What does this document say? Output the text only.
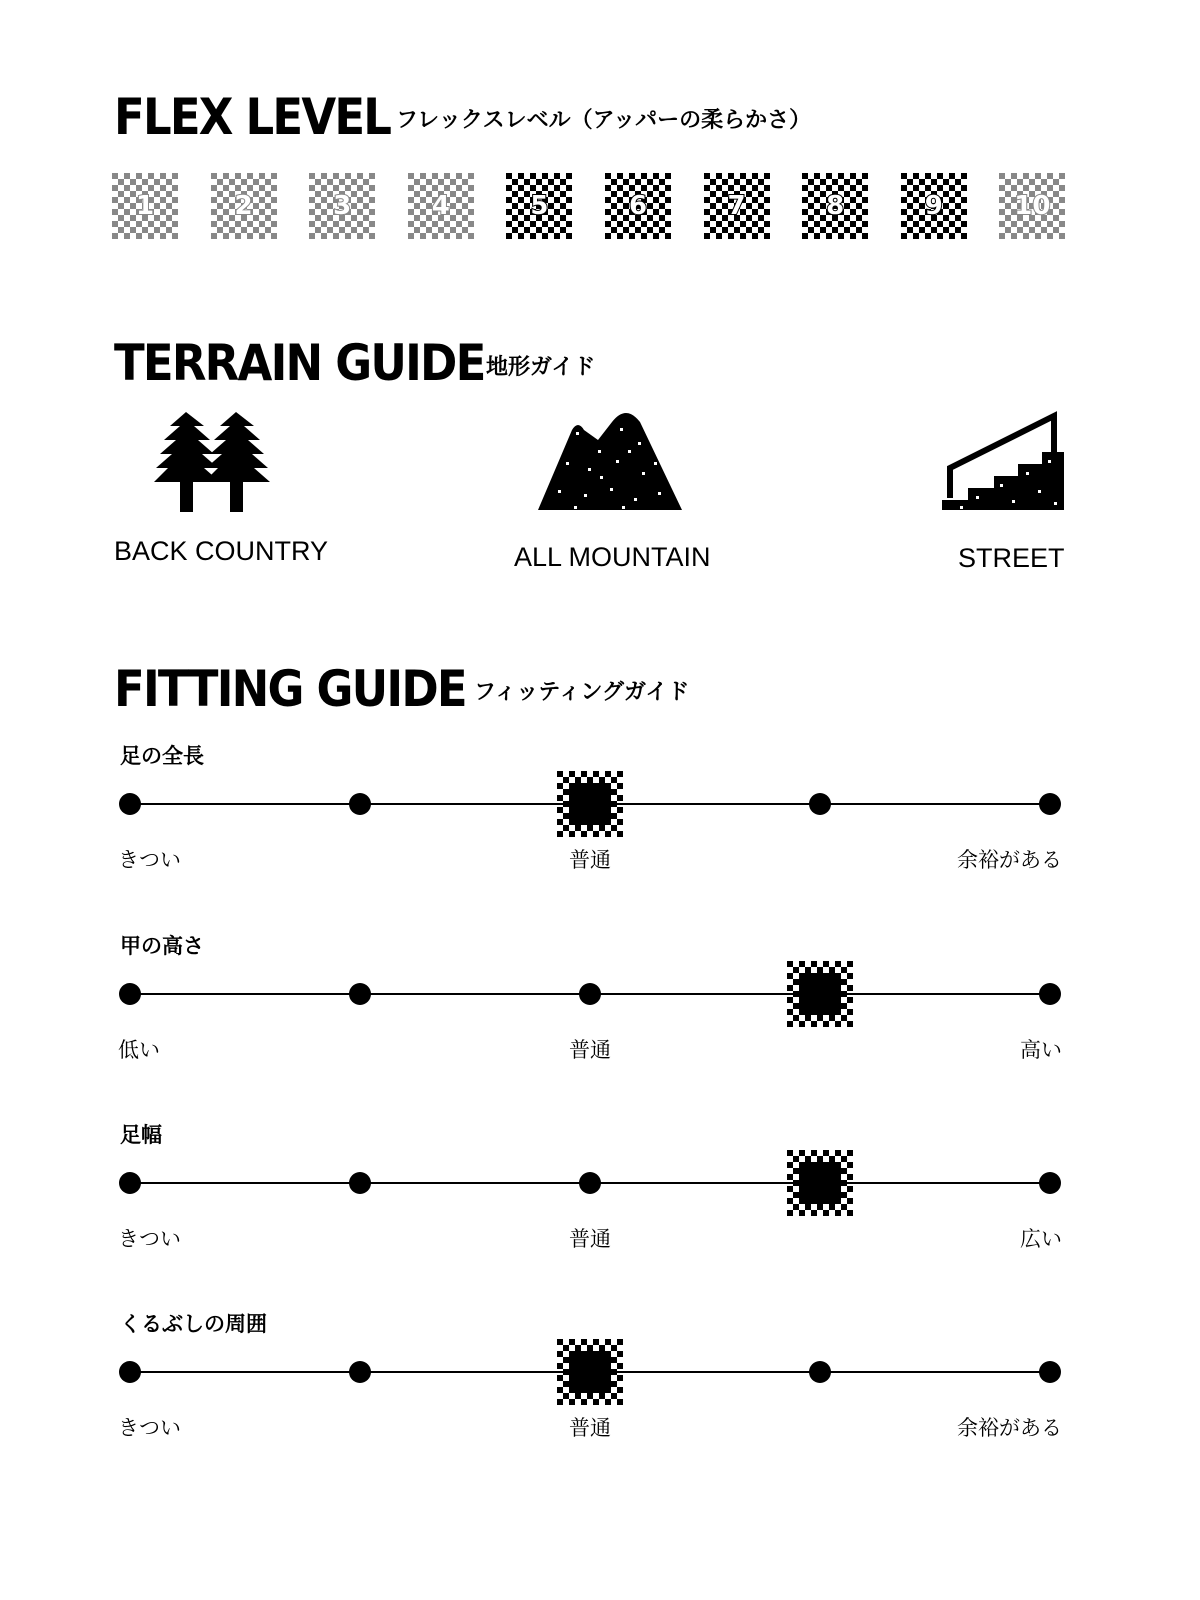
FLEX LEVEL フレックスレベル（アッパーの柔らかさ）
1	2	3	4	5	6	7	8	9	10
TERRAIN GUIDE 地形ガイド
BACK COUNTRY	ALL MOUNTAIN	STREET
FITTING GUIDE フィッティングガイド
足の全長
きつい	普通	余裕がある
甲の高さ
低い	普通	高い
足幅
きつい	普通	広い
くるぶしの周囲
きつい	普通	余裕がある
